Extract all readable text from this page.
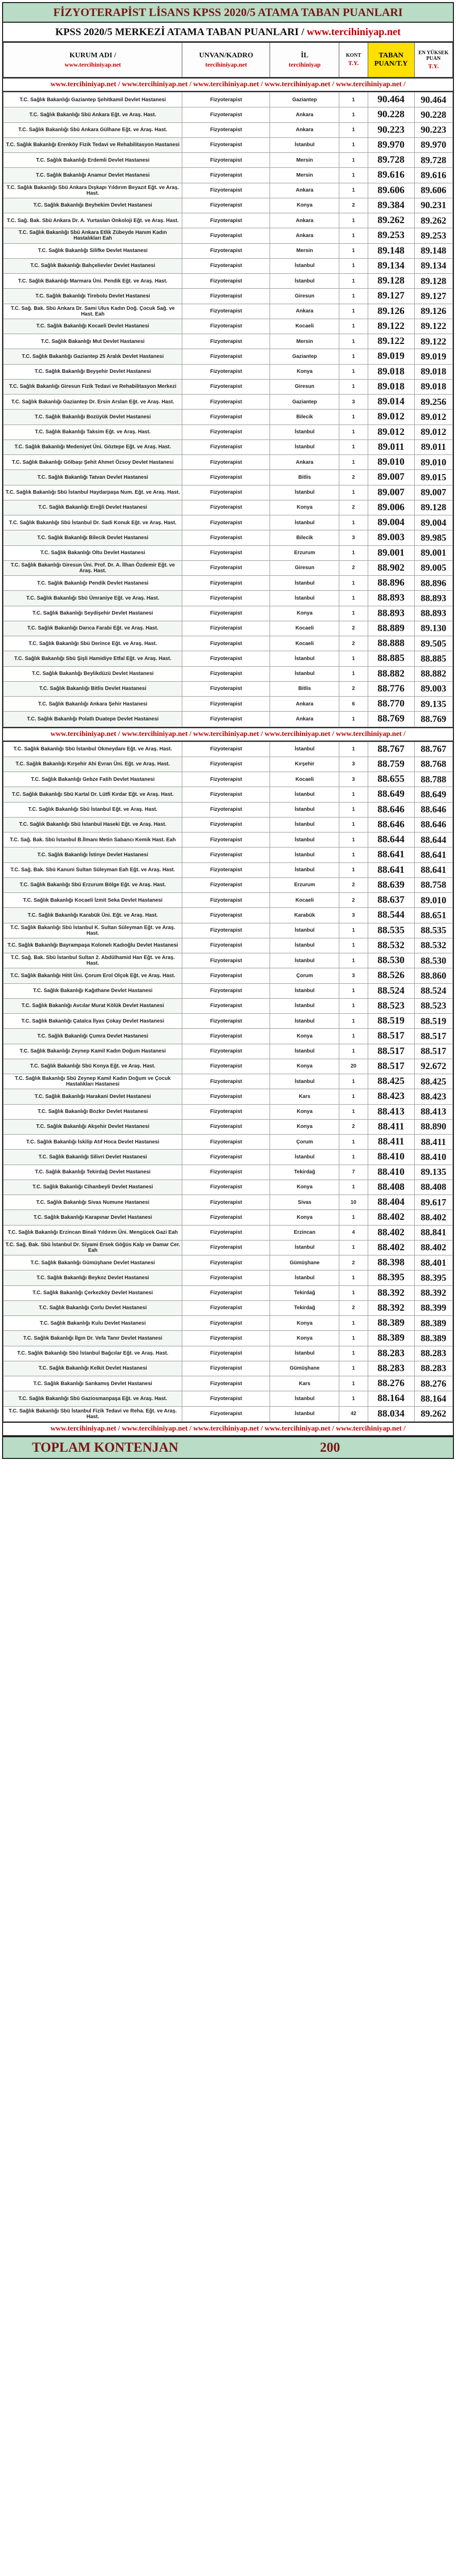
FİZYOTERAPİST LİSANS KPSS 2020/5 ATAMA TABAN PUANLARI
KPSS 2020/5 MERKEZİ ATAMA TABAN PUANLARI / www.tercihiniyap.net
KURUM ADI /
www.tercihiniyap.net
	UNVAN/KADRO
tercihiniyap.net
	İL
tercihiniyap
	KONT
T.Y.
	TABAN PUAN/T.Y	EN YÜKSEK PUAN
T.Y.
www.tercihiniyap.net / www.tercihiniyap.net / www.tercihiniyap.net / www.tercihiniyap.net / www.tercihiniyap.net /
T.C. Sağlık Bakanlığı Gaziantep Şehitkamil Devlet Hastanesi	Fizyoterapist	Gaziantep	1	90.464	90.464
T.C. Sağlık Bakanlığı Sbü Ankara Eğt. ve Araş. Hast.	Fizyoterapist	Ankara	1	90.228	90.228
T.C. Sağlık Bakanlığı Sbü Ankara Gülhane Eğt. ve Araş. Hast.	Fizyoterapist	Ankara	1	90.223	90.223
T.C. Sağlık Bakanlığı Erenköy Fizik Tedavi ve Rehabilitasyon Hastanesi	Fizyoterapist	İstanbul	1	89.970	89.970
T.C. Sağlık Bakanlığı Erdemli Devlet Hastanesi	Fizyoterapist	Mersin	1	89.728	89.728
T.C. Sağlık Bakanlığı Anamur Devlet Hastanesi	Fizyoterapist	Mersin	1	89.616	89.616
T.C. Sağlık Bakanlığı Sbü Ankara Dışkapı Yıldırım Beyazıt Eğt. ve Araş. Hast.	Fizyoterapist	Ankara	1	89.606	89.606
T.C. Sağlık Bakanlığı Beyhekim Devlet Hastanesi	Fizyoterapist	Konya	2	89.384	90.231
T.C. Sağ. Bak. Sbü Ankara Dr. A. Yurtaslan Onkoloji Eğt. ve Araş. Hast.	Fizyoterapist	Ankara	1	89.262	89.262
T.C. Sağlık Bakanlığı Sbü Ankara Etlik Zübeyde Hanım Kadın Hastalıkları Eah	Fizyoterapist	Ankara	1	89.253	89.253
T.C. Sağlık Bakanlığı Silifke Devlet Hastanesi	Fizyoterapist	Mersin	1	89.148	89.148
T.C. Sağlık Bakanlığı Bahçelievler Devlet Hastanesi	Fizyoterapist	İstanbul	1	89.134	89.134
T.C. Sağlık Bakanlığı Marmara Üni. Pendik Eğt. ve Araş. Hast.	Fizyoterapist	İstanbul	1	89.128	89.128
T.C. Sağlık Bakanlığı Tirebolu Devlet Hastanesi	Fizyoterapist	Giresun	1	89.127	89.127
T.C. Sağ. Bak. Sbü Ankara Dr. Sami Ulus Kadın Doğ. Çocuk Sağ. ve Hast. Eah	Fizyoterapist	Ankara	1	89.126	89.126
T.C. Sağlık Bakanlığı Kocaeli Devlet Hastanesi	Fizyoterapist	Kocaeli	1	89.122	89.122
T.C. Sağlık Bakanlığı Mut Devlet Hastanesi	Fizyoterapist	Mersin	1	89.122	89.122
T.C. Sağlık Bakanlığı Gaziantep 25 Aralık Devlet Hastanesi	Fizyoterapist	Gaziantep	1	89.019	89.019
T.C. Sağlık Bakanlığı Beyşehir Devlet Hastanesi	Fizyoterapist	Konya	1	89.018	89.018
T.C. Sağlık Bakanlığı Giresun Fizik Tedavi ve Rehabilitasyon Merkezi	Fizyoterapist	Giresun	1	89.018	89.018
T.C. Sağlık Bakanlığı Gaziantep Dr. Ersin Arslan Eğt. ve Araş. Hast.	Fizyoterapist	Gaziantep	3	89.014	89.256
T.C. Sağlık Bakanlığı Bozüyük Devlet Hastanesi	Fizyoterapist	Bilecik	1	89.012	89.012
T.C. Sağlık Bakanlığı Taksim Eğt. ve Araş. Hast.	Fizyoterapist	İstanbul	1	89.012	89.012
T.C. Sağlık Bakanlığı Medeniyet Üni. Göztepe Eğt. ve Araş. Hast.	Fizyoterapist	İstanbul	1	89.011	89.011
T.C. Sağlık Bakanlığı Gölbaşı Şehit Ahmet Özsoy Devlet Hastanesi	Fizyoterapist	Ankara	1	89.010	89.010
T.C. Sağlık Bakanlığı Tatvan Devlet Hastanesi	Fizyoterapist	Bitlis	2	89.007	89.015
T.C. Sağlık Bakanlığı Sbü İstanbul Haydarpaşa Num. Eğt. ve Araş. Hast.	Fizyoterapist	İstanbul	1	89.007	89.007
T.C. Sağlık Bakanlığı Ereğli Devlet Hastanesi	Fizyoterapist	Konya	2	89.006	89.128
T.C. Sağlık Bakanlığı Sbü İstanbul Dr. Sadi Konuk Eğt. ve Araş. Hast.	Fizyoterapist	İstanbul	1	89.004	89.004
T.C. Sağlık Bakanlığı Bilecik Devlet Hastanesi	Fizyoterapist	Bilecik	3	89.003	89.985
T.C. Sağlık Bakanlığı Oltu Devlet Hastanesi	Fizyoterapist	Erzurum	1	89.001	89.001
T.C. Sağlık Bakanlığı Giresun Üni. Prof. Dr. A. İlhan Özdemir Eğt. ve Araş. Hast.	Fizyoterapist	Giresun	2	88.902	89.005
T.C. Sağlık Bakanlığı Pendik Devlet Hastanesi	Fizyoterapist	İstanbul	1	88.896	88.896
T.C. Sağlık Bakanlığı Sbü Ümraniye Eğt. ve Araş. Hast.	Fizyoterapist	İstanbul	1	88.893	88.893
T.C. Sağlık Bakanlığı Seydişehir Devlet Hastanesi	Fizyoterapist	Konya	1	88.893	88.893
T.C. Sağlık Bakanlığı Darıca Farabi Eğt. ve Araş. Hast.	Fizyoterapist	Kocaeli	2	88.889	89.130
T.C. Sağlık Bakanlığı Sbü Derince Eğt. ve Araş. Hast.	Fizyoterapist	Kocaeli	2	88.888	89.505
T.C. Sağlık Bakanlığı Sbü Şişli Hamidiye Etfal Eğt. ve Araş. Hast.	Fizyoterapist	İstanbul	1	88.885	88.885
T.C. Sağlık Bakanlığı Beylikdüzü Devlet Hastanesi	Fizyoterapist	İstanbul	1	88.882	88.882
T.C. Sağlık Bakanlığı Bitlis Devlet Hastanesi	Fizyoterapist	Bitlis	2	88.776	89.003
T.C. Sağlık Bakanlığı Ankara Şehir Hastanesi	Fizyoterapist	Ankara	6	88.770	89.135
T.C. Sağlık Bakanlığı Polatlı Duatepe Devlet Hastanesi	Fizyoterapist	Ankara	1	88.769	88.769
www.tercihiniyap.net / www.tercihiniyap.net / www.tercihiniyap.net / www.tercihiniyap.net / www.tercihiniyap.net /
T.C. Sağlık Bakanlığı Sbü İstanbul Okmeydanı Eğt. ve Araş. Hast.	Fizyoterapist	İstanbul	1	88.767	88.767
T.C. Sağlık Bakanlığı Kırşehir Ahi Evran Üni. Eğt. ve Araş. Hast.	Fizyoterapist	Kırşehir	3	88.759	88.768
T.C. Sağlık Bakanlığı Gebze Fatih Devlet Hastanesi	Fizyoterapist	Kocaeli	3	88.655	88.788
T.C. Sağlık Bakanlığı Sbü Kartal Dr. Lütfi Kırdar Eğt. ve Araş. Hast.	Fizyoterapist	İstanbul	1	88.649	88.649
T.C. Sağlık Bakanlığı Sbü İstanbul Eğt. ve Araş. Hast.	Fizyoterapist	İstanbul	1	88.646	88.646
T.C. Sağlık Bakanlığı Sbü İstanbul Haseki Eğt. ve Araş. Hast.	Fizyoterapist	İstanbul	1	88.646	88.646
T.C. Sağ. Bak. Sbü İstanbul B.İlmanı Metin Sabancı Kemik Hast. Eah	Fizyoterapist	İstanbul	1	88.644	88.644
T.C. Sağlık Bakanlığı İstinye Devlet Hastanesi	Fizyoterapist	İstanbul	1	88.641	88.641
T.C. Sağ. Bak. Sbü Kanuni Sultan Süleyman Eah Eğt. ve Araş. Hast.	Fizyoterapist	İstanbul	1	88.641	88.641
T.C. Sağlık Bakanlığı Sbü Erzurum Bölge Eğt. ve Araş. Hast.	Fizyoterapist	Erzurum	2	88.639	88.758
T.C. Sağlık Bakanlığı Kocaeli İzmit Seka Devlet Hastanesi	Fizyoterapist	Kocaeli	2	88.637	89.010
T.C. Sağlık Bakanlığı Karabük Üni. Eğt. ve Araş. Hast.	Fizyoterapist	Karabük	3	88.544	88.651
T.C. Sağlık Bakanlığı Sbü İstanbul K. Sultan Süleyman Eğt. ve Araş. Hast.	Fizyoterapist	İstanbul	1	88.535	88.535
T.C. Sağlık Bakanlığı Bayrampaşa Kolonelı Kadıoğlu Devlet Hastanesi	Fizyoterapist	İstanbul	1	88.532	88.532
T.C. Sağ. Bak. Sbü İstanbul Sultan 2. Abdülhamid Han Eğt. ve Araş. Hast.	Fizyoterapist	İstanbul	1	88.530	88.530
T.C. Sağlık Bakanlığı Hitit Üni. Çorum Erol Olçok Eğt. ve Araş. Hast.	Fizyoterapist	Çorum	3	88.526	88.860
T.C. Sağlık Bakanlığı Kağıthane Devlet Hastanesi	Fizyoterapist	İstanbul	1	88.524	88.524
T.C. Sağlık Bakanlığı Avcılar Murat Kölük Devlet Hastanesi	Fizyoterapist	İstanbul	1	88.523	88.523
T.C. Sağlık Bakanlığı Çatalca İlyas Çokay Devlet Hastanesi	Fizyoterapist	İstanbul	1	88.519	88.519
T.C. Sağlık Bakanlığı Çumra Devlet Hastanesi	Fizyoterapist	Konya	1	88.517	88.517
T.C. Sağlık Bakanlığı Zeynep Kamil Kadın Doğum Hastanesi	Fizyoterapist	İstanbul	1	88.517	88.517
T.C. Sağlık Bakanlığı Sbü Konya Eğt. ve Araş. Hast.	Fizyoterapist	Konya	20	88.517	92.672
T.C. Sağlık Bakanlığı Sbü Zeynep Kamil Kadın Doğum ve Çocuk Hastalıkları Hastanesi	Fizyoterapist	İstanbul	1	88.425	88.425
T.C. Sağlık Bakanlığı Harakani Devlet Hastanesi	Fizyoterapist	Kars	1	88.423	88.423
T.C. Sağlık Bakanlığı Bozkır Devlet Hastanesi	Fizyoterapist	Konya	1	88.413	88.413
T.C. Sağlık Bakanlığı Akşehir Devlet Hastanesi	Fizyoterapist	Konya	2	88.411	88.890
T.C. Sağlık Bakanlığı İskilip Atıf Hoca Devlet Hastanesi	Fizyoterapist	Çorum	1	88.411	88.411
T.C. Sağlık Bakanlığı Silivri Devlet Hastanesi	Fizyoterapist	İstanbul	1	88.410	88.410
T.C. Sağlık Bakanlığı Tekirdağ Devlet Hastanesi	Fizyoterapist	Tekirdağ	7	88.410	89.135
T.C. Sağlık Bakanlığı Cihanbeyli Devlet Hastanesi	Fizyoterapist	Konya	1	88.408	88.408
T.C. Sağlık Bakanlığı Sivas Numune Hastanesi	Fizyoterapist	Sivas	10	88.404	89.617
T.C. Sağlık Bakanlığı Karapınar Devlet Hastanesi	Fizyoterapist	Konya	1	88.402	88.402
T.C. Sağlık Bakanlığı Erzincan Binali Yıldırım Üni. Mengücek Gazi Eah	Fizyoterapist	Erzincan	4	88.402	88.841
T.C. Sağ. Bak. Sbü İstanbul Dr. Siyami Ersek Göğüs Kalp ve Damar Cer. Eah	Fizyoterapist	İstanbul	1	88.402	88.402
T.C. Sağlık Bakanlığı Gümüşhane Devlet Hastanesi	Fizyoterapist	Gümüşhane	2	88.398	88.401
T.C. Sağlık Bakanlığı Beykoz Devlet Hastanesi	Fizyoterapist	İstanbul	1	88.395	88.395
T.C. Sağlık Bakanlığı Çerkezköy Devlet Hastanesi	Fizyoterapist	Tekirdağ	1	88.392	88.392
T.C. Sağlık Bakanlığı Çorlu Devlet Hastanesi	Fizyoterapist	Tekirdağ	2	88.392	88.399
T.C. Sağlık Bakanlığı Kulu Devlet Hastanesi	Fizyoterapist	Konya	1	88.389	88.389
T.C. Sağlık Bakanlığı İlgın Dr. Vefa Tanır Devlet Hastanesi	Fizyoterapist	Konya	1	88.389	88.389
T.C. Sağlık Bakanlığı Sbü İstanbul Bağcılar Eğt. ve Araş. Hast.	Fizyoterapist	İstanbul	1	88.283	88.283
T.C. Sağlık Bakanlığı Kelkit Devlet Hastanesi	Fizyoterapist	Gümüşhane	1	88.283	88.283
T.C. Sağlık Bakanlığı Sarıkamış Devlet Hastanesi	Fizyoterapist	Kars	1	88.276	88.276
T.C. Sağlık Bakanlığı Sbü Gaziosmanpaşa Eğt. ve Araş. Hast.	Fizyoterapist	İstanbul	1	88.164	88.164
T.C. Sağlık Bakanlığı Sbü İstanbul Fizik Tedavi ve Reha. Eğt. ve Araş. Hast.	Fizyoterapist	İstanbul	42	88.034	89.262
www.tercihiniyap.net / www.tercihiniyap.net / www.tercihiniyap.net / www.tercihiniyap.net / www.tercihiniyap.net /
TOPLAM KONTENJAN	200
